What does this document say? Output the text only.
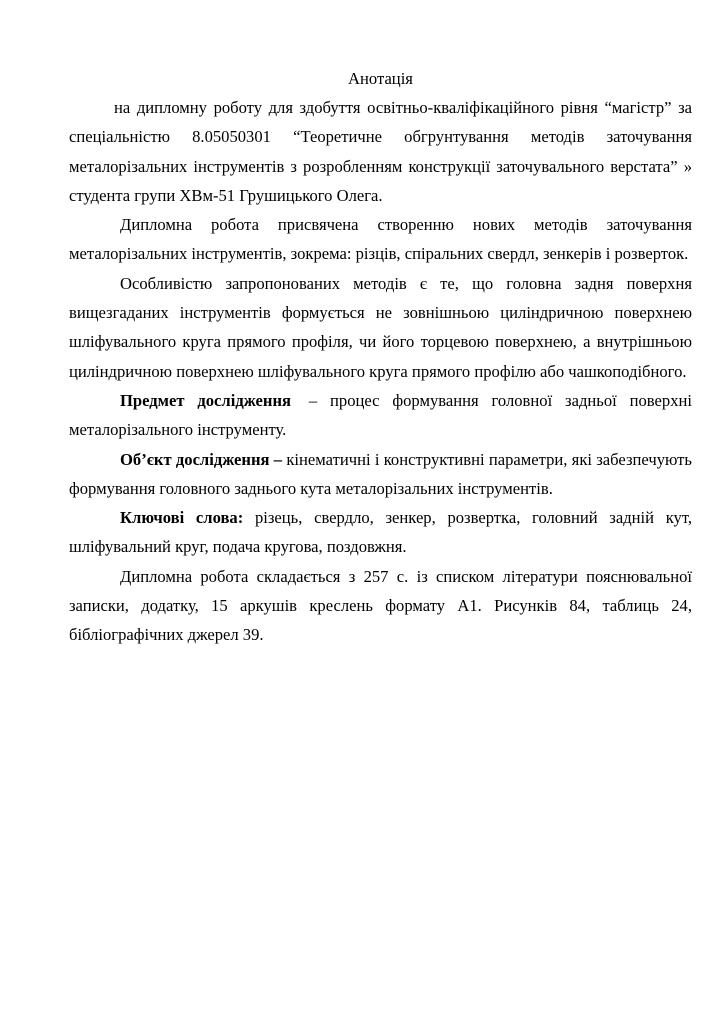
Анотація

на дипломну роботу для здобуття освітньо-кваліфікаційного рівня “магістр” за спеціальністю 8.05050301 “Теоретичне обгрунтування методів заточування металорізальних інструментів з розробленням конструкції заточувального верстата” » студента групи ХВм-51 Грушицького Олега.

Дипломна робота присвячена створенню нових методів заточування металорізальних інструментів, зокрема: різців, спіральних свердл, зенкерів і розверток.

Особливістю запропонованих методів є те, що головна задня поверхня вищезгаданих інструментів формується не зовнішньою циліндричною поверхнею шліфувального круга прямого профіля, чи його торцевою поверхнею, а внутрішньою циліндричною поверхнею шліфувального круга прямого профілю або чашкоподібного.

Предмет дослідження – процес формування головної задньої поверхні металорізального інструменту.

Об’єкт дослідження – кінематичні і конструктивні параметри, які забезпечують формування головного заднього кута металорізальних інструментів.

Ключові слова: різець, свердло, зенкер, розвертка, головний задній кут, шліфувальний круг, подача кругова, поздовжня.

Дипломна робота складається з 257 с. із списком літератури пояснювальної записки, додатку, 15 аркушів креслень формату А1. Рисунків 84, таблиць 24, бібліографічних джерел 39.
